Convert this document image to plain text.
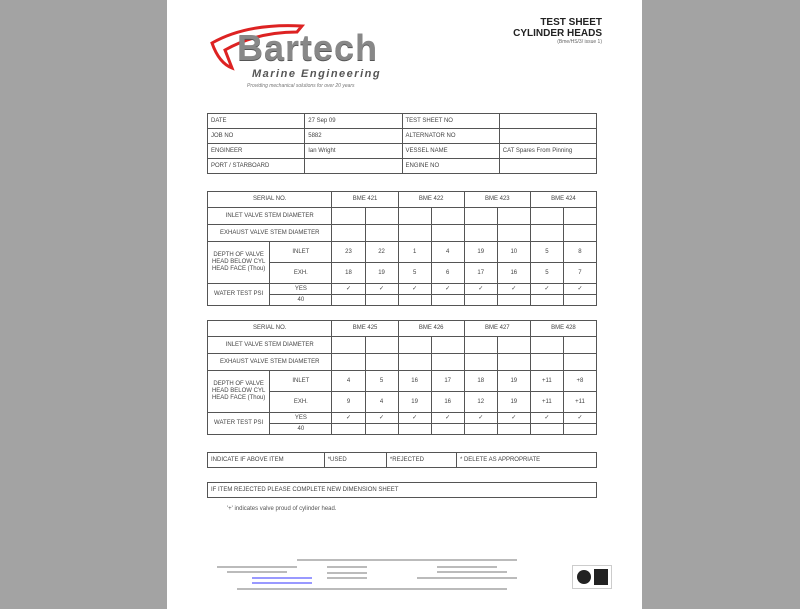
Bartech
Marine Engineering
Providing mechanical solutions for over 20 years
TEST SHEET
CYLINDER HEADS
(Bme/HS/3/ issue 1)
DATE	27 Sep 09	TEST SHEET NO	
JOB NO	5882	ALTERNATOR NO	
ENGINEER	Ian Wright	VESSEL NAME	CAT Spares From Pinning
PORT / STARBOARD		ENGINE NO	
SERIAL NO.		BME 421		BME 422		BME 423		BME 424	
INLET VALVE STEM DIAMETER									
EXHAUST VALVE STEM DIAMETER									
DEPTH OF VALVE HEAD BELOW CYL HEAD FACE (Thou)	INLET	23	22	1	4	19	10	5	8
	EXH.	18	19	5	6	17	16	5	7
WATER TEST PSI	YES	✓	✓	✓	✓	✓	✓	✓	✓
	40								
SERIAL NO.		BME 425		BME 426		BME 427		BME 428	
INLET VALVE STEM DIAMETER									
EXHAUST VALVE STEM DIAMETER									
DEPTH OF VALVE HEAD BELOW CYL HEAD FACE (Thou)	INLET	4	5	16	17	18	19	+11	+8
	EXH.	9	4	19	16	12	19	+11	+11
WATER TEST PSI	YES	✓	✓	✓	✓	✓	✓	✓	✓
	40								
INDICATE IF ABOVE ITEM	*USED	*REJECTED	* DELETE AS APPROPRIATE
IF ITEM REJECTED PLEASE COMPLETE NEW DIMENSION SHEET
'+' indicates valve proud of cylinder head.
